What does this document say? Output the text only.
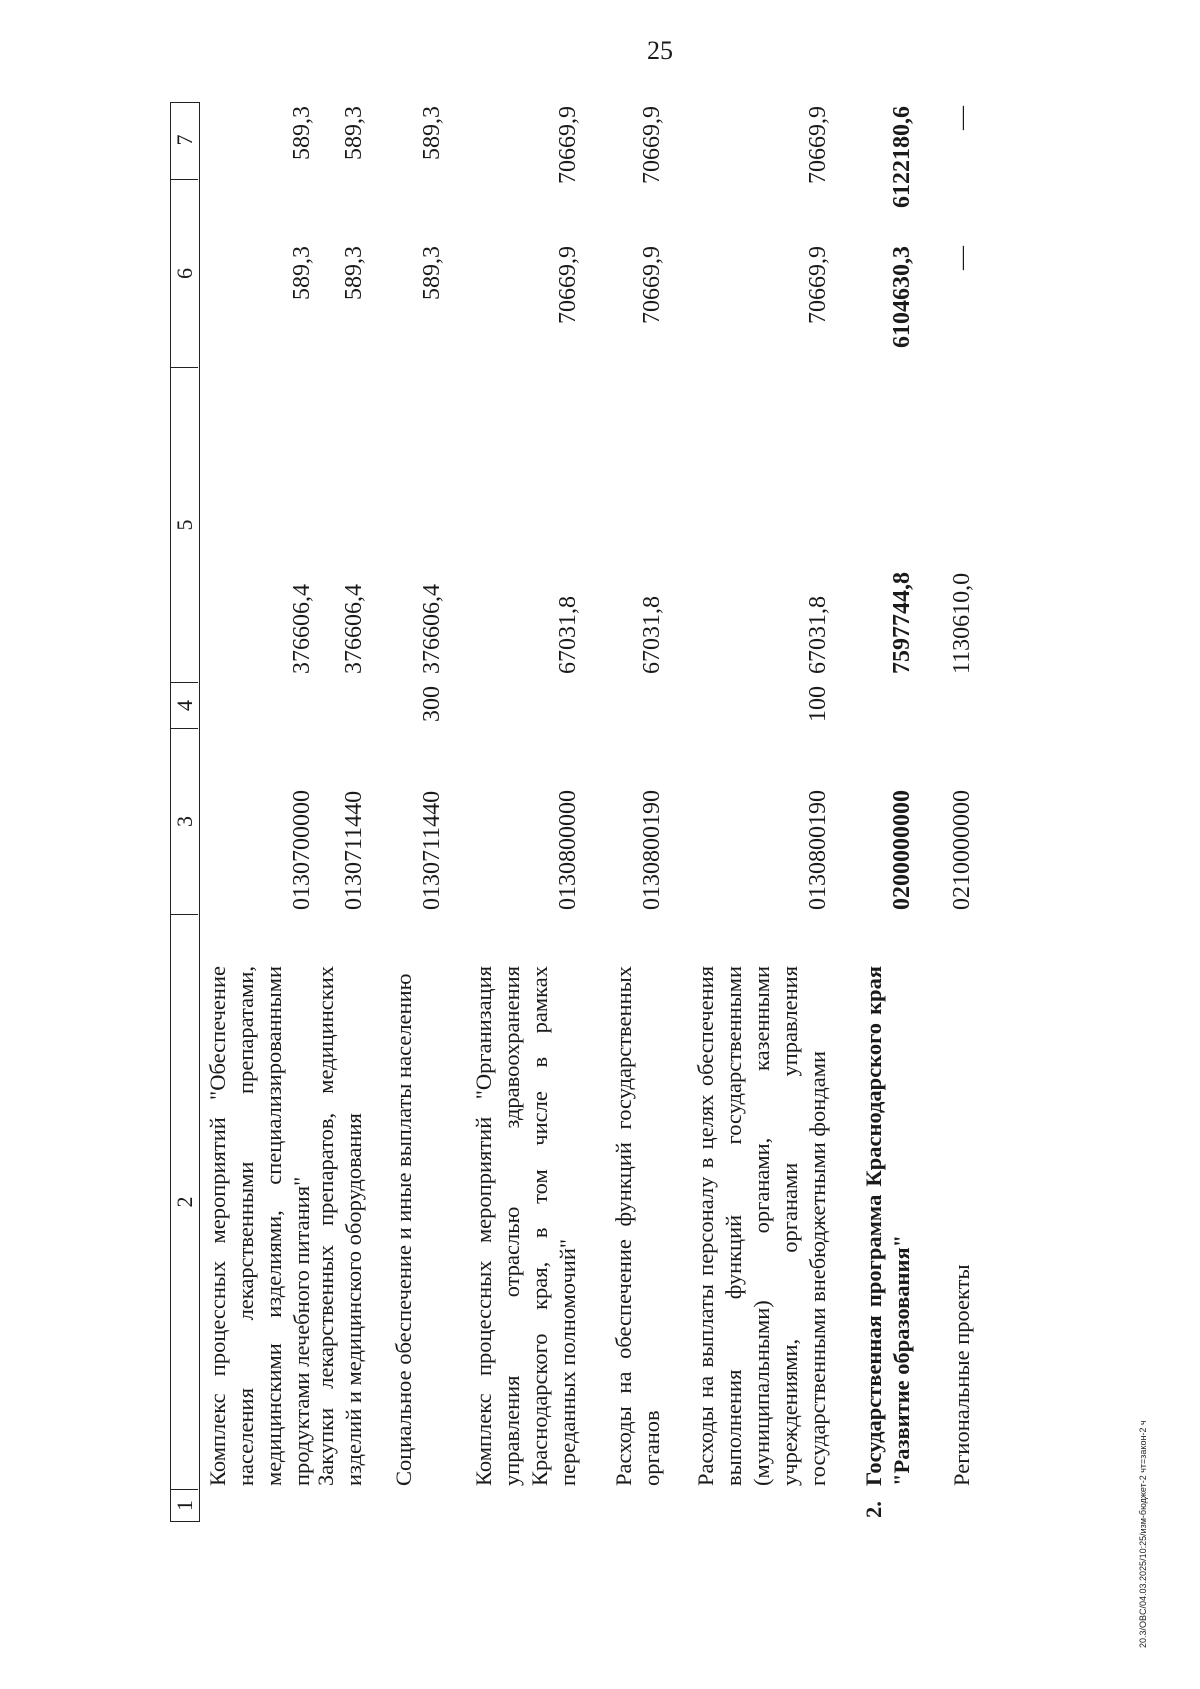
25
1
2
3
4
5
6
7
Комплекс процессных мероприятий "Обеспечение населения лекарственными препаратами, медицинскими изделиями, специализированными продуктами лечебного питания"
0130700000
376606,4
589,3
589,3
Закупки лекарственных препаратов, медицинских изделий и медицинского оборудования
0130711440
376606,4
589,3
589,3
Социальное обеспечение и иные выплаты населению
0130711440
300
376606,4
589,3
589,3
Комплекс процессных мероприятий "Организация управления отраслью здравоохранения Краснодарского края, в том числе в рамках переданных полномочий"
0130800000
67031,8
70669,9
70669,9
Расходы на обеспечение функций государственных органов
0130800190
67031,8
70669,9
70669,9
Расходы на выплаты персоналу в целях обеспечения выполнения функций государственными (муниципальными) органами, казенными учреждениями, органами управления государственными внебюджетными фондами
0130800190
100
67031,8
70669,9
70669,9
2.
Государственная программа Краснодарского края "Развитие образования"
0200000000
7597744,8
6104630,3
6122180,6
Региональные проекты
0210000000
1130610,0
—
—
20.3/OBC/04.03.2025/10:25/изм-бюджет-2 чт=закон-2 ч
